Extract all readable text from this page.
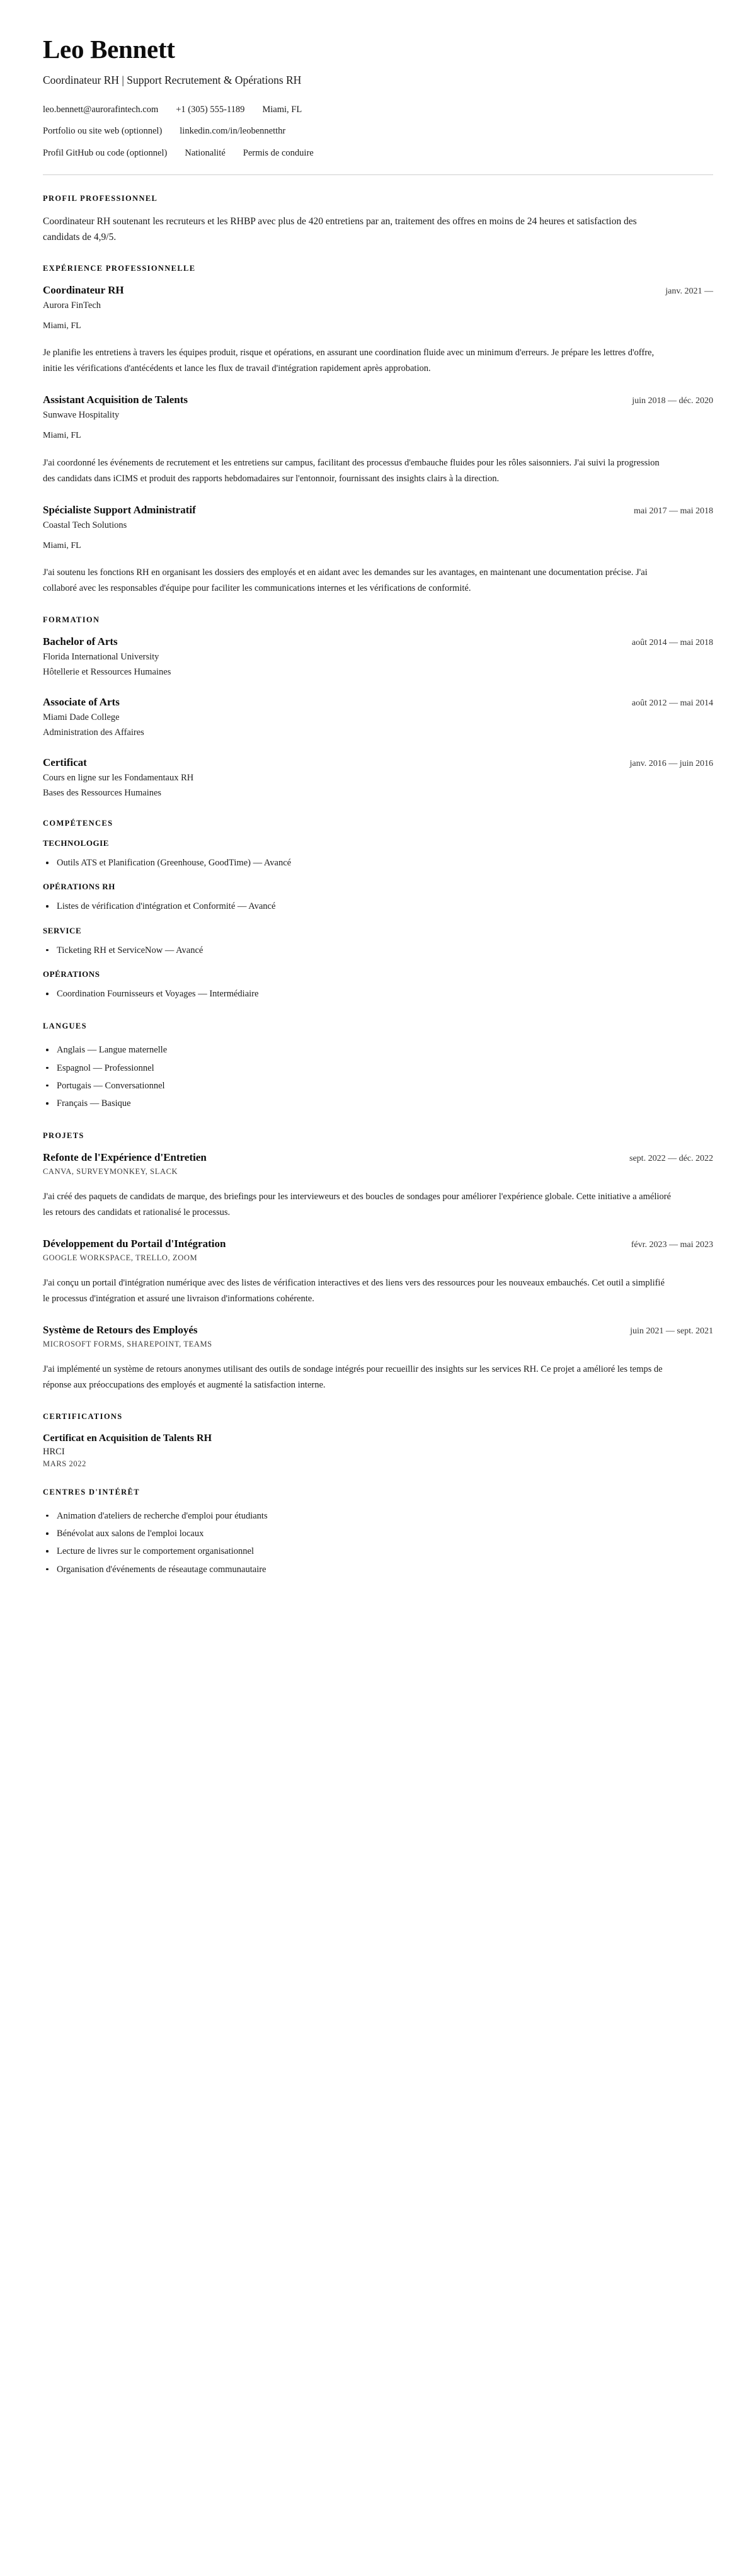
Leo Bennett
Coordinateur RH | Support Recrutement & Opérations RH
leo.bennett@aurorafintech.com +1 (305) 555-1189 Miami, FL
Portfolio ou site web (optionnel) linkedin.com/in/leobennetthr
Profil GitHub ou code (optionnel) Nationalité Permis de conduire
PROFIL PROFESSIONNEL

Coordinateur RH soutenant les recruteurs et les RHBP avec plus de 420 entretiens par an, traitement des offres en moins de 24 heures et satisfaction des candidats de 4,9/5.

EXPÉRIENCE PROFESSIONNELLE
Coordinateur RH	janv. 2021 —
Aurora FinTech
Miami, FL
Je planifie les entretiens à travers les équipes produit, risque et opérations, en assurant une coordination fluide avec un minimum d'erreurs. Je prépare les lettres d'offre, initie les vérifications d'antécédents et lance les flux de travail d'intégration rapidement après approbation.
Assistant Acquisition de Talents	juin 2018 — déc. 2020
Sunwave Hospitality
Miami, FL
J'ai coordonné les événements de recrutement et les entretiens sur campus, facilitant des processus d'embauche fluides pour les rôles saisonniers. J'ai suivi la progression des candidats dans iCIMS et produit des rapports hebdomadaires sur l'entonnoir, fournissant des insights clairs à la direction.
Spécialiste Support Administratif	mai 2017 — mai 2018
Coastal Tech Solutions
Miami, FL
J'ai soutenu les fonctions RH en organisant les dossiers des employés et en aidant avec les demandes sur les avantages, en maintenant une documentation précise. J'ai collaboré avec les responsables d'équipe pour faciliter les communications internes et les vérifications de conformité.
FORMATION
Bachelor of Arts	août 2014 — mai 2018
Florida International University
Hôtellerie et Ressources Humaines
Associate of Arts	août 2012 — mai 2014
Miami Dade College
Administration des Affaires
Certificat	janv. 2016 — juin 2016
Cours en ligne sur les Fondamentaux RH
Bases des Ressources Humaines
COMPÉTENCES
TECHNOLOGIE
Outils ATS et Planification (Greenhouse, GoodTime) — Avancé
OPÉRATIONS RH
Listes de vérification d'intégration et Conformité — Avancé
SERVICE
Ticketing RH et ServiceNow — Avancé
OPÉRATIONS
Coordination Fournisseurs et Voyages — Intermédiaire
LANGUES
Anglais — Langue maternelle
Espagnol — Professionnel
Portugais — Conversationnel
Français — Basique
PROJETS
Refonte de l'Expérience d'Entretien	sept. 2022 — déc. 2022
CANVA, SURVEYMONKEY, SLACK
J'ai créé des paquets de candidats de marque, des briefings pour les intervieweurs et des boucles de sondages pour améliorer l'expérience globale. Cette initiative a amélioré les retours des candidats et rationalisé le processus.
Développement du Portail d'Intégration	févr. 2023 — mai 2023
GOOGLE WORKSPACE, TRELLO, ZOOM
J'ai conçu un portail d'intégration numérique avec des listes de vérification interactives et des liens vers des ressources pour les nouveaux embauchés. Cet outil a simplifié le processus d'intégration et assuré une livraison d'informations cohérente.
Système de Retours des Employés	juin 2021 — sept. 2021
MICROSOFT FORMS, SHAREPOINT, TEAMS
J'ai implémenté un système de retours anonymes utilisant des outils de sondage intégrés pour recueillir des insights sur les services RH. Ce projet a amélioré les temps de réponse aux préoccupations des employés et augmenté la satisfaction interne.
CERTIFICATIONS
Certificat en Acquisition de Talents RH
HRCI
MARS 2022
CENTRES D'INTÉRÊT
Animation d'ateliers de recherche d'emploi pour étudiants
Bénévolat aux salons de l'emploi locaux
Lecture de livres sur le comportement organisationnel
Organisation d'événements de réseautage communautaire
